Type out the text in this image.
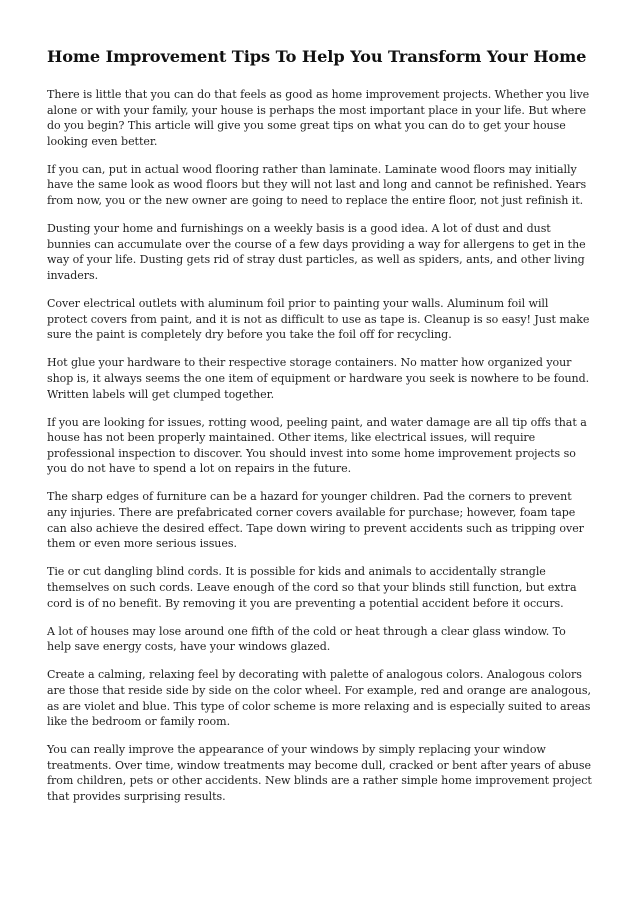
Home Improvement Tips To Help You Transform Your Home

There is little that you can do that feels as good as home improvement projects. Whether you live alone or with your family, your house is perhaps the most important place in your life. But where do you begin? This article will give you some great tips on what you can do to get your house looking even better.

If you can, put in actual wood flooring rather than laminate. Laminate wood floors may initially have the same look as wood floors but they will not last and long and cannot be refinished. Years from now, you or the new owner are going to need to replace the entire floor, not just refinish it.

Dusting your home and furnishings on a weekly basis is a good idea. A lot of dust and dust bunnies can accumulate over the course of a few days providing a way for allergens to get in the way of your life. Dusting gets rid of stray dust particles, as well as spiders, ants, and other living invaders.

Cover electrical outlets with aluminum foil prior to painting your walls. Aluminum foil will protect covers from paint, and it is not as difficult to use as tape is. Cleanup is so easy! Just make sure the paint is completely dry before you take the foil off for recycling.

Hot glue your hardware to their respective storage containers. No matter how organized your shop is, it always seems the one item of equipment or hardware you seek is nowhere to be found. Written labels will get clumped together.

If you are looking for issues, rotting wood, peeling paint, and water damage are all tip offs that a house has not been properly maintained. Other items, like electrical issues, will require professional inspection to discover. You should invest into some home improvement projects so you do not have to spend a lot on repairs in the future.

The sharp edges of furniture can be a hazard for younger children. Pad the corners to prevent any injuries. There are prefabricated corner covers available for purchase; however, foam tape can also achieve the desired effect. Tape down wiring to prevent accidents such as tripping over them or even more serious issues.

Tie or cut dangling blind cords. It is possible for kids and animals to accidentally strangle themselves on such cords. Leave enough of the cord so that your blinds still function, but extra cord is of no benefit. By removing it you are preventing a potential accident before it occurs.

A lot of houses may lose around one fifth of the cold or heat through a clear glass window. To help save energy costs, have your windows glazed.

Create a calming, relaxing feel by decorating with palette of analogous colors. Analogous colors are those that reside side by side on the color wheel. For example, red and orange are analogous, as are violet and blue. This type of color scheme is more relaxing and is especially suited to areas like the bedroom or family room.

You can really improve the appearance of your windows by simply replacing your window treatments. Over time, window treatments may become dull, cracked or bent after years of abuse from children, pets or other accidents. New blinds are a rather simple home improvement project that provides surprising results.
